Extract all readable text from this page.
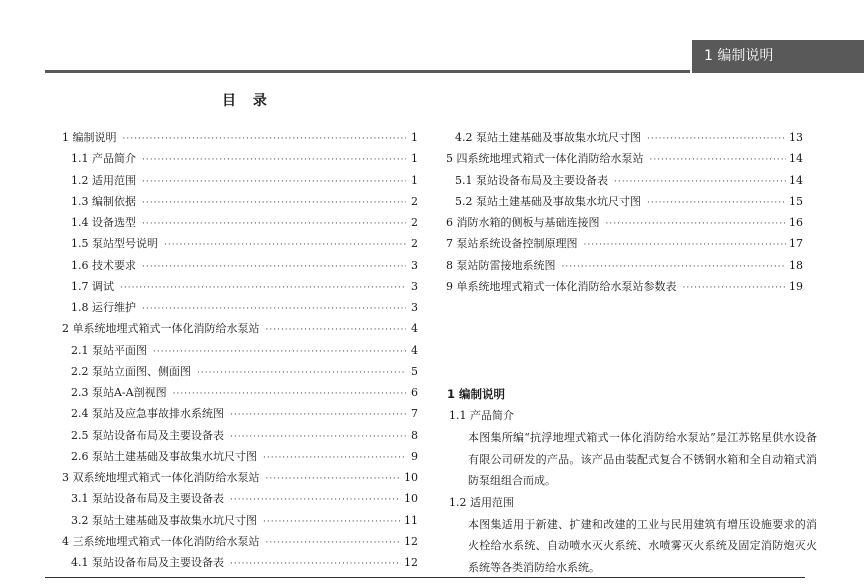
1 编制说明
目 录
1 编制说明 ·····	1
1.1 产品简介 ·····	1
1.2 适用范围 ·····	1
1.3 编制依据 ·····	2
1.4 设备选型 ·····	2
1.5 泵站型号说明 ·····	2
1.6 技术要求 ·····	3
1.7 调试 ·····	3
1.8 运行维护 ·····	3
2 单系统地埋式箱式一体化消防给水泵站 ·····	4
2.1 泵站平面图 ·····	4
2.2 泵站立面图、侧面图 ·····	5
2.3 泵站A-A剖视图 ·····	6
2.4 泵站及应急事故排水系统图 ·····	7
2.5 泵站设备布局及主要设备表 ·····	8
2.6 泵站土建基础及事故集水坑尺寸图 ·····	9
3 双系统地埋式箱式一体化消防给水泵站 ·····	10
3.1 泵站设备布局及主要设备表 ·····	10
3.2 泵站土建基础及事故集水坑尺寸图 ·····	11
4 三系统地埋式箱式一体化消防给水泵站 ·····	12
4.1 泵站设备布局及主要设备表 ·····	12
4.2 泵站土建基础及事故集水坑尺寸图 ·····	13
5 四系统地埋式箱式一体化消防给水泵站 ·····	14
5.1 泵站设备布局及主要设备表 ·····	14
5.2 泵站土建基础及事故集水坑尺寸图 ·····	15
6 消防水箱的侧板与基础连接图 ·····	16
7 泵站系统设备控制原理图 ·····	17
8 泵站防雷接地系统图 ·····	18
9 单系统地埋式箱式一体化消防给水泵站参数表 ·····	19
1 编制说明
1.1 产品简介

本图集所编“抗浮地埋式箱式一体化消防给水泵站”是江苏铭星供水设备有限公司研发的产品。该产品由装配式复合不锈钢水箱和全自动箱式消防泵组组合而成。

1.2 适用范围

本图集适用于新建、扩建和改建的工业与民用建筑有增压设施要求的消火栓给水系统、自动喷水灭火系统、水喷雾灭火系统及固定消防炮灭火系统等各类消防给水系统。
